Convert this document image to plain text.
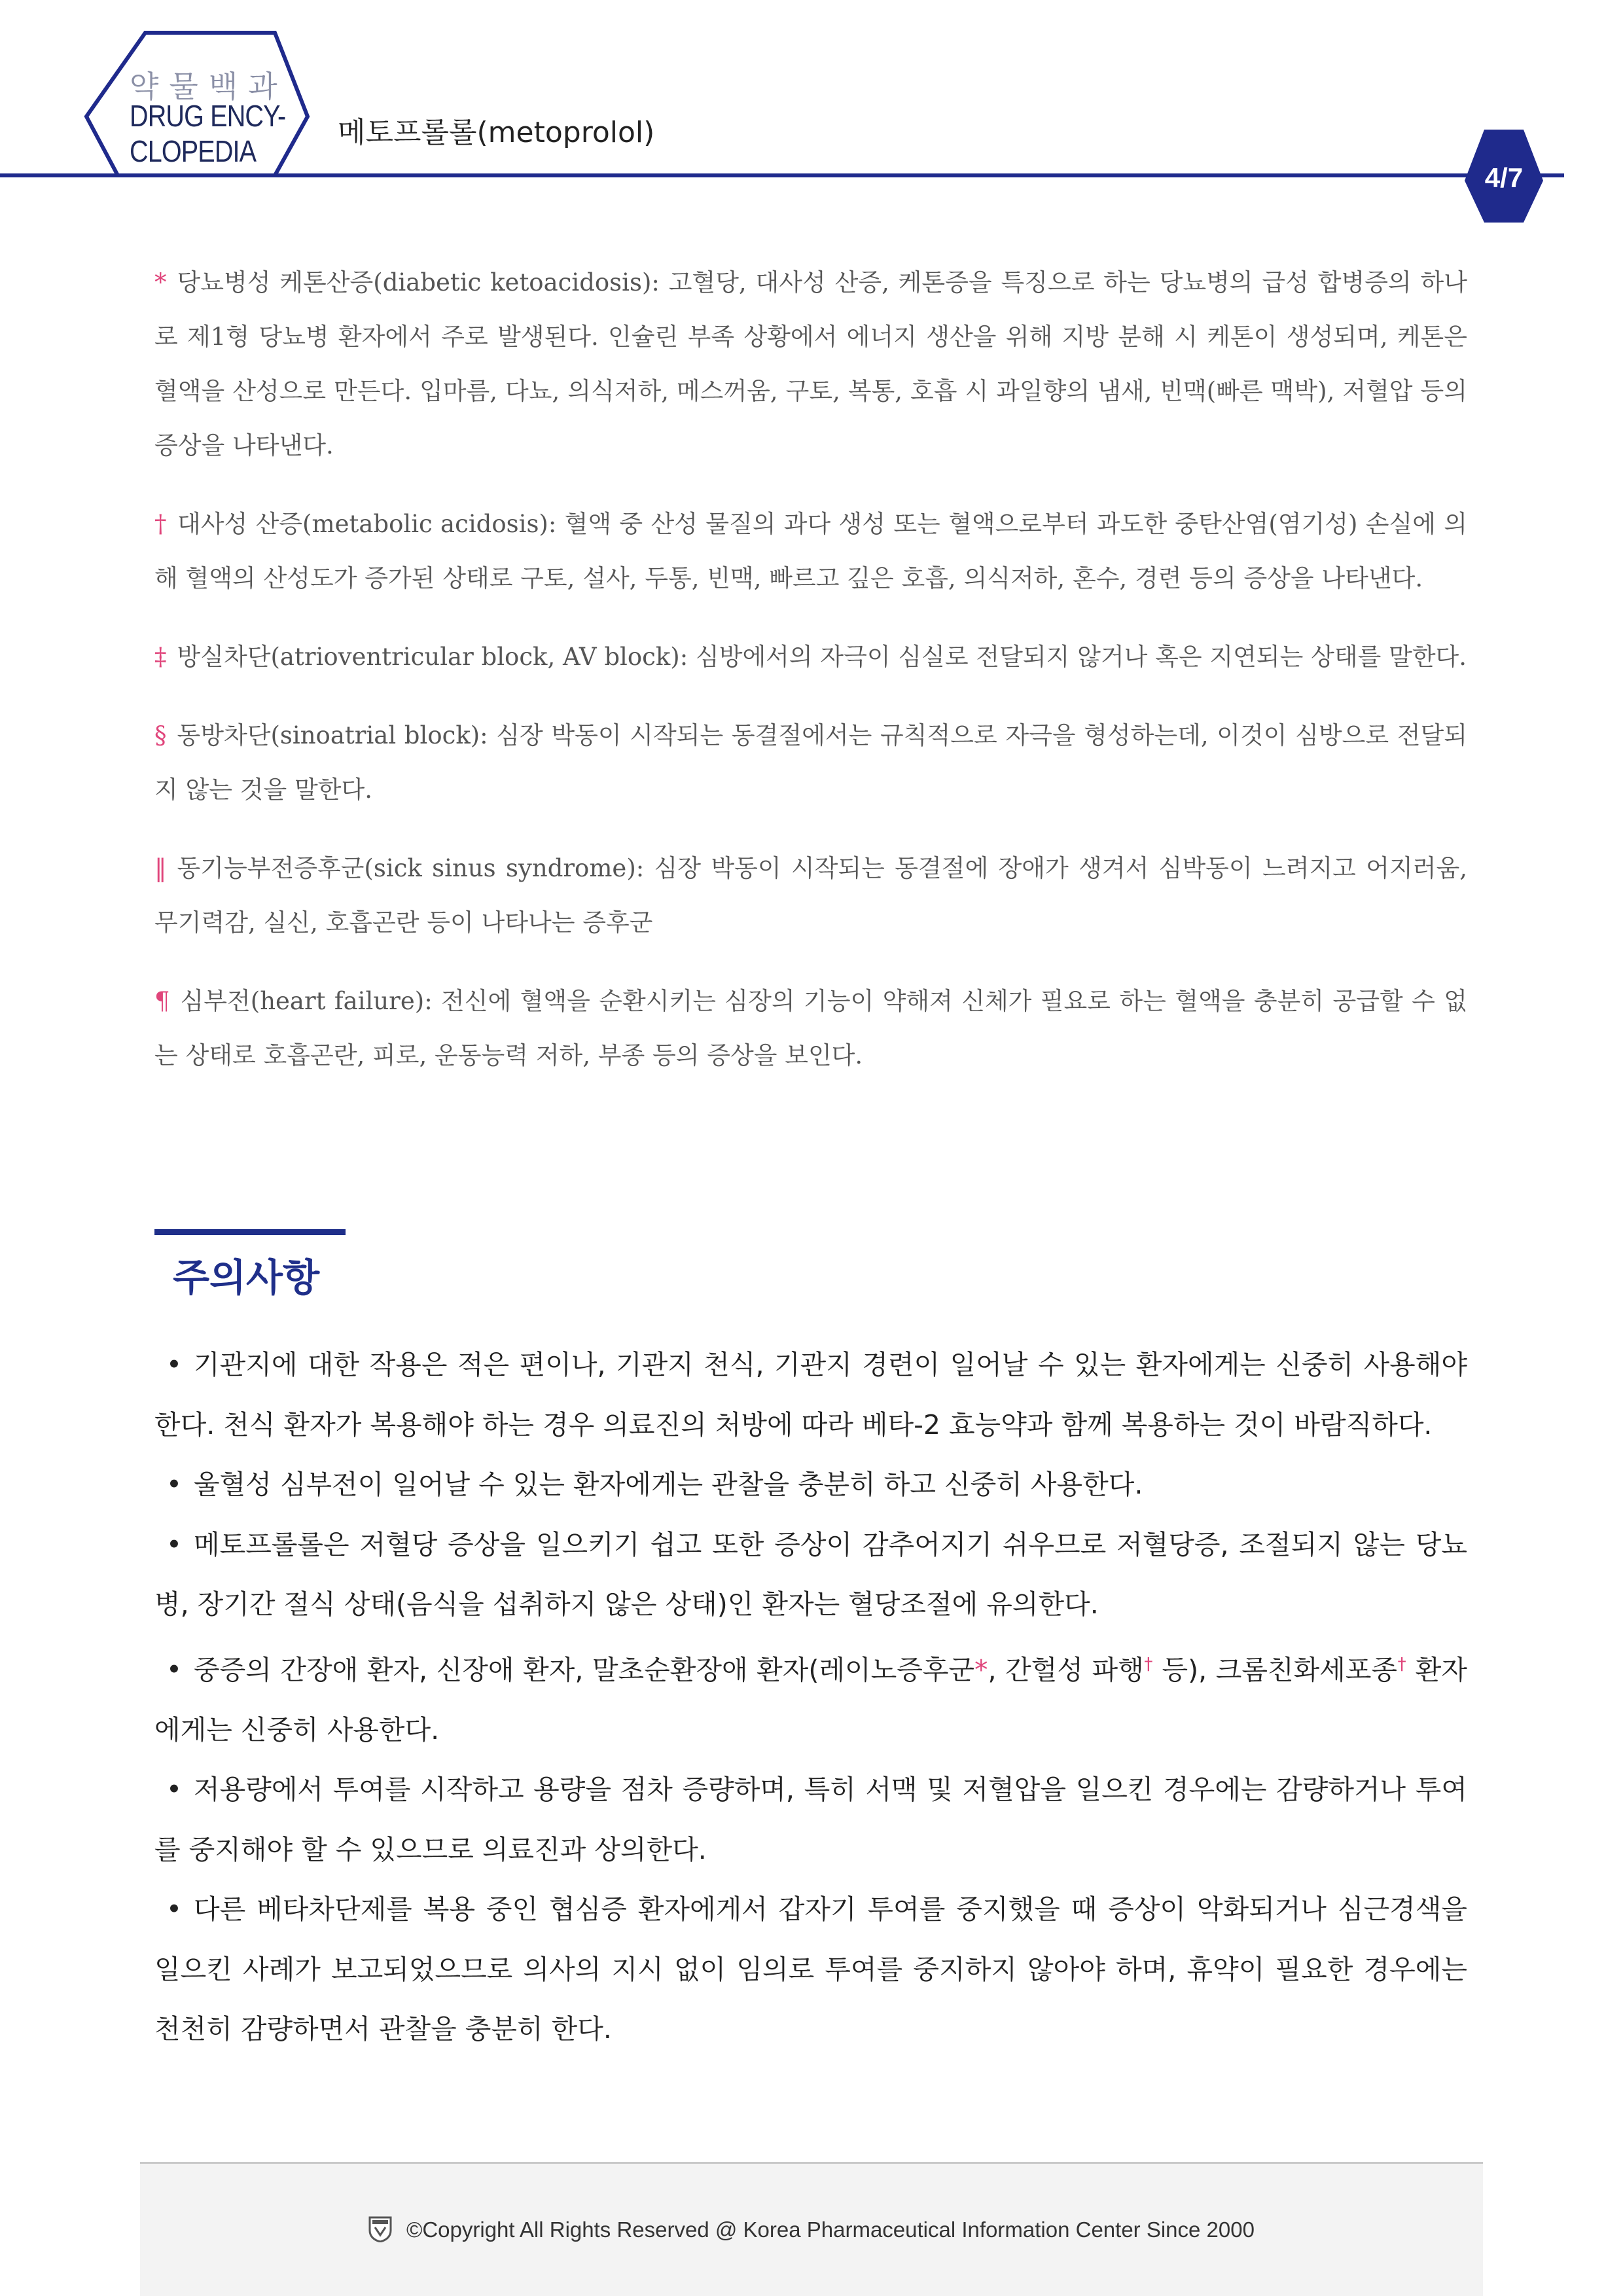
약물백과
DRUG ENCY-
CLOPEDIA
메토프롤롤(metoprolol)
4/7

* 당뇨병성 케톤산증(diabetic ketoacidosis): 고혈당, 대사성 산증, 케톤증을 특징으로 하는 당뇨병의 급성 합병증의 하나로 제1형 당뇨병 환자에서 주로 발생된다. 인슐린 부족 상황에서 에너지 생산을 위해 지방 분해 시 케톤이 생성되며, 케톤은 혈액을 산성으로 만든다. 입마름, 다뇨, 의식저하, 메스꺼움, 구토, 복통, 호흡 시 과일향의 냄새, 빈맥(빠른 맥박), 저혈압 등의 증상을 나타낸다.

† 대사성 산증(metabolic acidosis): 혈액 중 산성 물질의 과다 생성 또는 혈액으로부터 과도한 중탄산염(염기성) 손실에 의해 혈액의 산성도가 증가된 상태로 구토, 설사, 두통, 빈맥, 빠르고 깊은 호흡, 의식저하, 혼수, 경련 등의 증상을 나타낸다.

‡ 방실차단(atrioventricular block, AV block): 심방에서의 자극이 심실로 전달되지 않거나 혹은 지연되는 상태를 말한다.

§ 동방차단(sinoatrial block): 심장 박동이 시작되는 동결절에서는 규칙적으로 자극을 형성하는데, 이것이 심방으로 전달되지 않는 것을 말한다.

‖ 동기능부전증후군(sick sinus syndrome): 심장 박동이 시작되는 동결절에 장애가 생겨서 심박동이 느려지고 어지러움, 무기력감, 실신, 호흡곤란 등이 나타나는 증후군

¶ 심부전(heart failure): 전신에 혈액을 순환시키는 심장의 기능이 약해져 신체가 필요로 하는 혈액을 충분히 공급할 수 없는 상태로 호흡곤란, 피로, 운동능력 저하, 부종 등의 증상을 보인다.

주의사항
• 기관지에 대한 작용은 적은 편이나, 기관지 천식, 기관지 경련이 일어날 수 있는 환자에게는 신중히 사용해야 한다. 천식 환자가 복용해야 하는 경우 의료진의 처방에 따라 베타-2 효능약과 함께 복용하는 것이 바람직하다.
• 울혈성 심부전이 일어날 수 있는 환자에게는 관찰을 충분히 하고 신중히 사용한다.
• 메토프롤롤은 저혈당 증상을 일으키기 쉽고 또한 증상이 감추어지기 쉬우므로 저혈당증, 조절되지 않는 당뇨병, 장기간 절식 상태(음식을 섭취하지 않은 상태)인 환자는 혈당조절에 유의한다.
• 중증의 간장애 환자, 신장애 환자, 말초순환장애 환자(레이노증후군*, 간헐성 파행† 등), 크롬친화세포종† 환자에게는 신중히 사용한다.
• 저용량에서 투여를 시작하고 용량을 점차 증량하며, 특히 서맥 및 저혈압을 일으킨 경우에는 감량하거나 투여를 중지해야 할 수 있으므로 의료진과 상의한다.
• 다른 베타차단제를 복용 중인 협심증 환자에게서 갑자기 투여를 중지했을 때 증상이 악화되거나 심근경색을 일으킨 사례가 보고되었으므로 의사의 지시 없이 임의로 투여를 중지하지 않아야 하며, 휴약이 필요한 경우에는 천천히 감량하면서 관찰을 충분히 한다.
©Copyright All Rights Reserved @ Korea Pharmaceutical Information Center Since 2000
